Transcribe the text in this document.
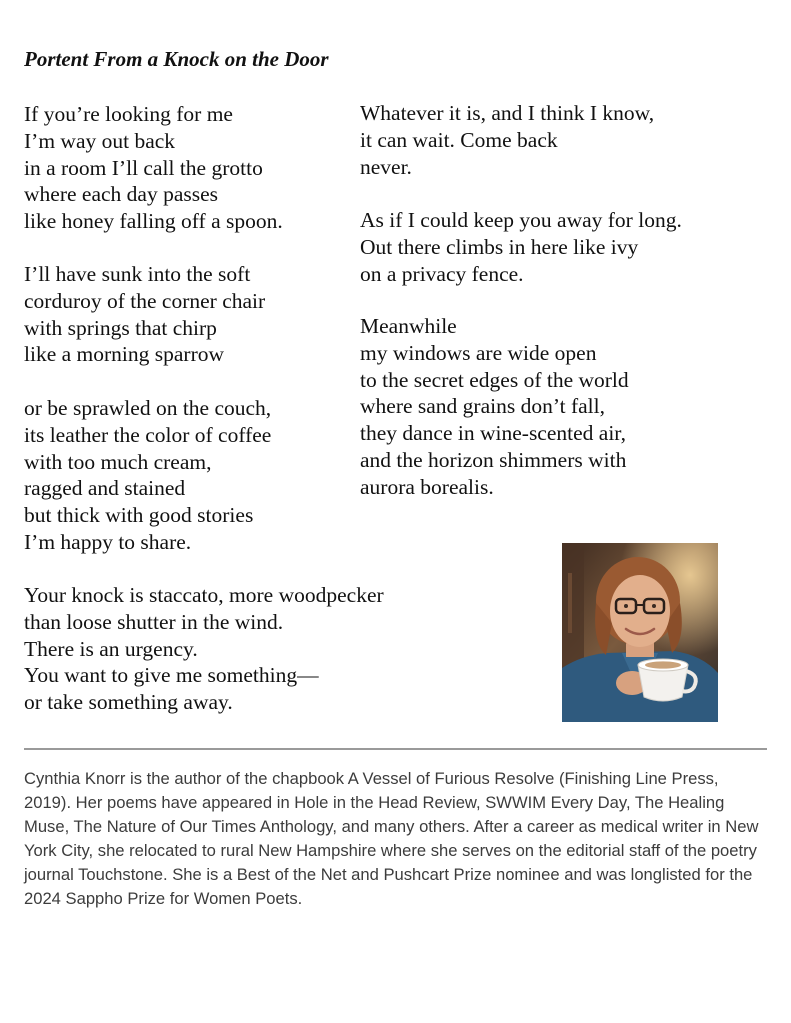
Portent From a Knock on the Door
If you’re looking for me
I’m way out back
in a room I’ll call the grotto
where each day passes
like honey falling off a spoon.
I’ll have sunk into the soft
corduroy of the corner chair
with springs that chirp
like a morning sparrow
or be sprawled on the couch,
its leather the color of coffee
with too much cream,
ragged and stained
but thick with good stories
I’m happy to share.
Your knock is staccato, more woodpecker
than loose shutter in the wind.
There is an urgency.
You want to give me something—
or take something away.
Whatever it is, and I think I know,
it can wait. Come back
never.
As if I could keep you away for long.
Out there climbs in here like ivy
on a privacy fence.
Meanwhile
my windows are wide open
to the secret edges of the world
where sand grains don’t fall,
they dance in wine-scented air,
and the horizon shimmers with
aurora borealis.

Cynthia Knorr is the author of the chapbook A Vessel of Furious Resolve (Finishing Line Press, 2019). Her poems have appeared in Hole in the Head Review, SWWIM Every Day, The Healing Muse, The Nature of Our Times Anthology, and many others. After a career as medical writer in New York City, she relocated to rural New Hampshire where she serves on the editorial staff of the poetry journal Touchstone. She is a Best of the Net and Pushcart Prize nominee and was longlisted for the 2024 Sappho Prize for Women Poets.
